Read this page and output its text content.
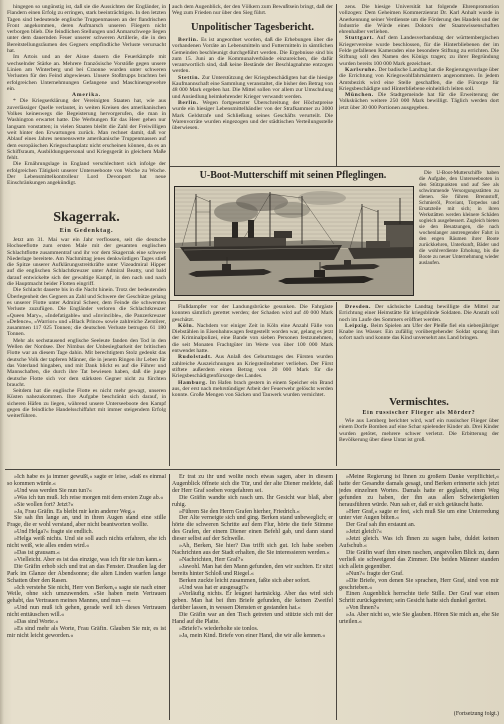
hingegen so ungünstig ist, daß sie die Aussichten der Engländer, in Flandern einen Erfolg zu erringen, stark beeinträchtigen. In den letzten Tagen sind bedeutende englische Truppenmassen an der flandrischen Front angekommen, deren Aufmarsch unseren Fliegern nicht verborgen blieb. Die feindlichen Stellungen und Anmarschwege liegen unter dem dauernden Feuer unserer schweren Artillerie, die in den Bereitstellungsräumen des Gegners empfindliche Verluste verursacht hat.

Im Artois und an der Aisne dauern die Feuerkämpfe mit wechselnder Stärke an. Mehrere französische Vorstöße gegen unsere Linien am Winterberg und bei Craonne wurden unter schweren Verlusten für den Feind abgewiesen. Unsere Stoßtrupps brachten bei erfolgreichen Unternehmungen Gefangene und Maschinengewehre ein.

Amerika.

* Die Kriegserklärung der Vereinigten Staaten hat, wie aus zuverlässiger Quelle verlautet, in weiten Kreisen des amerikanischen Volkes keineswegs die Begeisterung hervorgerufen, die man in Washington erwartet hatte. Die Werbungen für das Heer gehen nur langsam vonstatten; in vielen Staaten bleibt die Zahl der Freiwilligen weit hinter den Erwartungen zurück. Man rechnet damit, daß vor Ablauf eines Jahres nennenswerte amerikanische Truppenmassen auf dem europäischen Kriegsschauplatz nicht erscheinen können, da es an Schiffsraum, Ausbildungspersonal und Kriegsgerät in gleichem Maße fehlt.

Die Ernährungslage in England verschlechtert sich infolge der erfolgreichen Tätigkeit unserer Unterseeboote von Woche zu Woche. Der Lebensmittelkontrolleur Lord Devonport hat neue Einschränkungen angekündigt.

Skagerrak.
Ein Gedenktag.

Jetzt am 31. Mai war ein Jahr verflossen, seit die deutsche Hochseeflotte zum ersten Male mit der gesamten englischen Schlachtflotte zusammentraf und ihr vor dem Skagerrak eine schwere Niederlage bereitete. Am Nachmittag jenes denkwürdigen Tages stieß die Spitze unserer Aufklärungsstreitkräfte unter Vizeadmiral Hipper auf die englischen Schlachtkreuzer unter Admiral Beatty, und bald darauf entwickelte sich der gewaltige Kampf, in den nach und nach die Hauptmacht beider Flotten eingriff.

Die Schlacht dauerte bis in die Nacht hinein. Trotz der bedeutenden Überlegenheit des Gegners an Zahl und Schwere der Geschütze gelang es unserer Flotte unter Admiral Scheer, dem Feinde die schwersten Verluste zuzufügen. Die Engländer verloren die Schlachtkreuzer »Queen Mary«, »Indefatigable« und »Invincible«, die Panzerkreuzer »Defence«, »Warrior« und »Black Prince« sowie zahlreiche Zerstörer, zusammen 117 025 Tonnen; die deutschen Verluste betrugen 61 180 Tonnen.

Mehr als sechstausend englische Seeleute fanden den Tod in den Wellen der Nordsee. Der Nimbus der Unbesiegbarkeit der britischen Flotte war an diesem Tage dahin. Mit berechtigtem Stolz gedenkt das deutsche Volk der tapferen Männer, die in jenem Ringen ihr Leben für das Vaterland hingaben, und mit Dank blickt es auf die Führer und Mannschaften, die durch ihre Tat bewiesen haben, daß die junge deutsche Flotte sich vor dem stärksten Gegner nicht zu fürchten braucht.

Seitdem hat die englische Flotte es nicht mehr gewagt, unseren Küsten nahezukommen. Ihre Aufgabe beschränkt sich darauf, in sicheren Häfen zu liegen, während unsere Unterseeboote den Kampf gegen die feindliche Handelsschiffahrt mit immer steigendem Erfolg weiterführen.

auch dem Augenblick, der den Völkern zum Bewußtsein bringt, daß der Weg zum Frieden nur über den Sieg führt.

Unpolitischer Tagesbericht.

Berlin. Es ist angeordnet worden, daß die Erhebungen über die vorhandenen Vorräte an Lebensmitteln und Futtermitteln in sämtlichen Gemeinden beschleunigt durchgeführt werden. Die Ergebnisse sind bis zum 15. Juni an die Kommunalverbände einzureichen, die dafür verantwortlich sind, daß keine Bestände der Beschlagnahme entzogen werden.

Stettin. Zur Unterstützung der Kriegsbeschädigten hat die hiesige Kaufmannschaft eine Sammlung veranstaltet, die bisher den Betrag von 48 000 Mark ergeben hat. Die Mittel sollen vor allem zur Umschulung und Ansiedlung heimkehrender Krieger verwandt werden.

Berlin. Wegen fortgesetzter Überschreitung der Höchstpreise wurde ein hiesiger Lebensmittelhändler von der Strafkammer zu 3000 Mark Geldstrafe und Schließung seines Geschäfts verurteilt. Die Warenvorräte wurden eingezogen und der städtischen Verteilungsstelle überwiesen.

zens. Die hiesige Universität hat folgende Ehrenpromotion vollzogen: Dem Geheimen Kommerzienrat Dr. Karl Anhalt wurde in Anerkennung seiner Verdienste um die Förderung des Handels und der Industrie die Würde eines Doktors der Staatswissenschaften ehrenhalber verliehen.

Stuttgart. Auf dem Landesverbandstag der württembergischen Kriegervereine wurde beschlossen, für die Hinterbliebenen der im Felde gefallenen Kameraden eine besondere Stiftung zu errichten. Die Stiftung soll den Namen des Königs tragen; zu ihrer Begründung wurden bereits 100 000 Mark gezeichnet.

Karlsruhe. Der badische Landtag hat die Regierungsvorlage über die Errichtung von Kriegswohlfahrtsämtern angenommen. In jedem Amtsbezirk wird eine Stelle geschaffen, die die Fürsorge für Kriegsbeschädigte und Hinterbliebene einheitlich leiten soll.

München. Die Stadtgemeinde hat für die Erweiterung der Volksküchen weitere 250 000 Mark bewilligt. Täglich werden dort jetzt über 30 000 Portionen ausgegeben.

U-Boot-Mutterschiff mit seinen Pfleglingen.	Die U-Boot-Mutterschiffe haben die Aufgabe, den Unterseebooten in den Stützpunkten und auf See als schwimmende Versorgungsstätten zu dienen. Sie führen Brennstoff, Schmieröl, Proviant, Torpedos und Ersatzteile mit sich; in ihren Werkstätten werden kleinere Schäden sogleich ausgebessert. Zugleich bieten sie den Besatzungen, die nach wochenlanger anstrengender Fahrt in den engen Räumen ihrer Boote zurückkehren, Unterkunft, Bäder und die wohlverdiente Erholung, bis die Boote zu neuer Unternehmung wieder auslaufen.

Flußdampfer vor der Landungsbrücke gesunken. Die Fahrgäste konnten sämtlich gerettet werden; der Schaden wird auf 40 000 Mark geschätzt.

Köln. Nachdem vor einiger Zeit in Köln eine Anzahl Fälle von Diebstählen in Eisenbahnwagen festgestellt worden war, gelang es jetzt der Kriminalpolizei, eine Bande von sieben Personen festzunehmen, die seit Monaten Frachtgüter im Werte von über 100 000 Mark entwendet hatte.

Rudolstadt. Aus Anlaß des Geburtstages des Fürsten wurden zahlreiche Auszeichnungen an Kriegsteilnehmer verliehen. Der Fürst stiftete außerdem einen Betrag von 20 000 Mark für die Kriegsbeschädigtenfürsorge des Landes.

Hamburg. Im Hafen brach gestern in einem Speicher ein Brand aus, der erst nach mehrstündiger Arbeit der Feuerwehr gelöscht werden konnte. Große Mengen von Säcken und Tauwerk wurden vernichtet.

Dresden. Der sächsische Landtag bewilligte die Mittel zur Errichtung einer Heimstätte für kriegsblinde Soldaten. Die Anstalt soll noch im Laufe des Sommers eröffnet werden.

Leipzig. Beim Spielen am Ufer der Pleiße fiel ein siebenjähriger Knabe ins Wasser. Ein zufällig vorübergehender Soldat sprang ihm sofort nach und konnte das Kind unversehrt ans Land bringen.

Vermischtes.
Ein russischer Flieger als Mörder?

Wie aus Lemberg berichtet wird, warf ein russischer Flieger über einem Dorfe Bomben auf eine Schar spielender Kinder ab. Drei Kinder wurden getötet, mehrere schwer verletzt. Die Erbitterung der Bevölkerung über diese Untat ist groß.

»Ich habe es ja immer gewußt,« sagte er leise, »daß es einmal so kommen würde.«

»Und was werden Sie nun tun?«

»Was ich tun muß. Ich reise morgen mit dem ersten Zuge ab.«

»Sie wollen fort? Jetzt?«

»Ja, Frau Gräfin. Es bleibt mir kein anderer Weg.«

Sie sah ihn lange an, und in ihren Augen stand eine stille Frage, die er wohl verstand, aber nicht beantworten wollte.

»Und Helga?« fragte sie endlich.

»Helga weiß nichts. Und sie soll auch nichts erfahren, ehe ich nicht weiß, wie alles enden wird.«

»Das ist grausam.«

»Vielleicht. Aber es ist das einzige, was ich für sie tun kann.«

Die Gräfin erhob sich und trat an das Fenster. Draußen lag der Park im Glanze der Abendsonne; die alten Linden warfen lange Schatten über den Rasen.

»Ich verstehe Sie nicht, Herr von Berken,« sagte sie nach einer Weile, ohne sich umzuwenden. »Sie haben mein Vertrauen gehabt, das Vertrauen meines Mannes, und nun —«

»Und nun muß ich gehen, gerade weil ich dieses Vertrauen nicht enttäuschen will.«

»Das sind Worte.«

»Es sind mehr als Worte, Frau Gräfin. Glauben Sie mir, es ist mir nicht leicht geworden.«

Er trat zu ihr und wollte noch etwas sagen, aber in diesem Augenblick öffnete sich die Tür, und der alte Diener meldete, daß der Herr Graf soeben vorgefahren sei.

Die Gräfin wandte sich rasch um. Ihr Gesicht war blaß, aber ruhig.

»Führen Sie den Herrn Grafen hierher, Friedrich.«

Der Alte verneigte sich und ging. Berken stand unbeweglich; er hörte die schweren Schritte auf dem Flur, hörte die tiefe Stimme des Grafen, der einem Diener einen Befehl gab, und dann stand dieser selbst auf der Schwelle.

»Ah, Berken, Sie hier? Das trifft sich gut. Ich habe soeben Nachrichten aus der Stadt erhalten, die Sie interessieren werden.«

»Nachrichten, Herr Graf?«

»Jawohl. Man hat den Mann gefunden, den wir suchten. Er sitzt bereits hinter Schloß und Riegel.«

Berken zuckte leicht zusammen, faßte sich aber sofort.

»Und was hat er ausgesagt?«

»Vorläufig nichts. Er leugnet hartnäckig. Aber das wird sich geben. Man hat bei ihm Briefe gefunden, die keinen Zweifel darüber lassen, in wessen Diensten er gestanden hat.«

Die Gräfin war an den Tisch getreten und stützte sich mit der Hand auf die Platte.

»Briefe?« wiederholte sie tonlos.

»Ja, mein Kind. Briefe von einer Hand, die wir alle kennen.«

»Meine Regierung ist Ihnen zu großem Danke verpflichtet,« hatte der Gesandte damals gesagt, und Berken erinnerte sich jetzt jedes einzelnen Wortes. Damals hatte er geglaubt, einen Weg gefunden zu haben, der ihn aus allen Schwierigkeiten herausführen würde. Nun sah er, daß er sich getäuscht hatte.

»Herr Graf,« sagte er fest, »ich muß Sie um eine Unterredung unter vier Augen bitten.«

Der Graf sah ihn erstaunt an.

»Jetzt gleich?«

»Jetzt gleich. Was ich Ihnen zu sagen habe, duldet keinen Aufschub.«

Die Gräfin warf ihm einen raschen, angstvollen Blick zu, dann verließ sie schweigend das Zimmer. Die beiden Männer standen sich allein gegenüber.

»Nun?« fragte der Graf.

»Die Briefe, von denen Sie sprachen, Herr Graf, sind von mir geschrieben.«

Einen Augenblick herrschte tiefe Stille. Der Graf war einen Schritt zurückgetreten; sein Gesicht hatte sich dunkel gerötet.

»Von Ihnen?«

»Ja. Aber nicht so, wie Sie glauben. Hören Sie mich an, ehe Sie urteilen.«

(Fortsetzung folgt.)
